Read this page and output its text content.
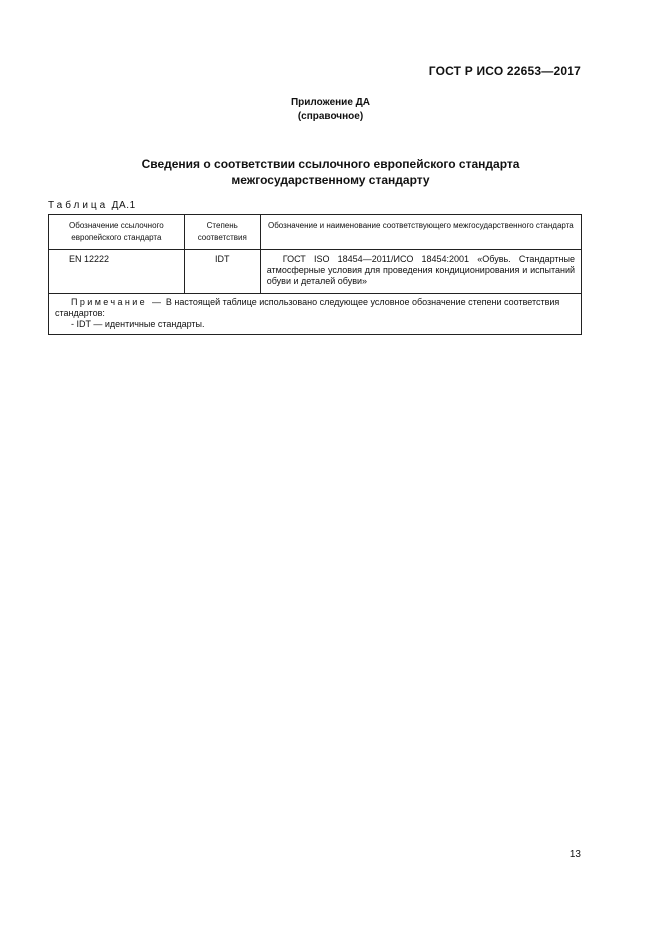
ГОСТ Р ИСО 22653—2017
Приложение ДА
(справочное)
Сведения о соответствии ссылочного европейского стандарта
межгосударственному стандарту
Таблица ДА.1
Обозначение ссылочного европейского стандарта	Степень соответствия	Обозначение и наименование соответствующего межгосударственного стандарта
EN 12222	IDT	ГОСТ ISO 18454—2011/ИСО 18454:2001 «Обувь. Стандартные атмосферные условия для проведения кондиционирования и испытаний обуви и деталей обуви»

Примечание — В настоящей таблице использовано следующее условное обозначение степени соответствия стандартов:
- IDT — идентичные стандарты.		
13
